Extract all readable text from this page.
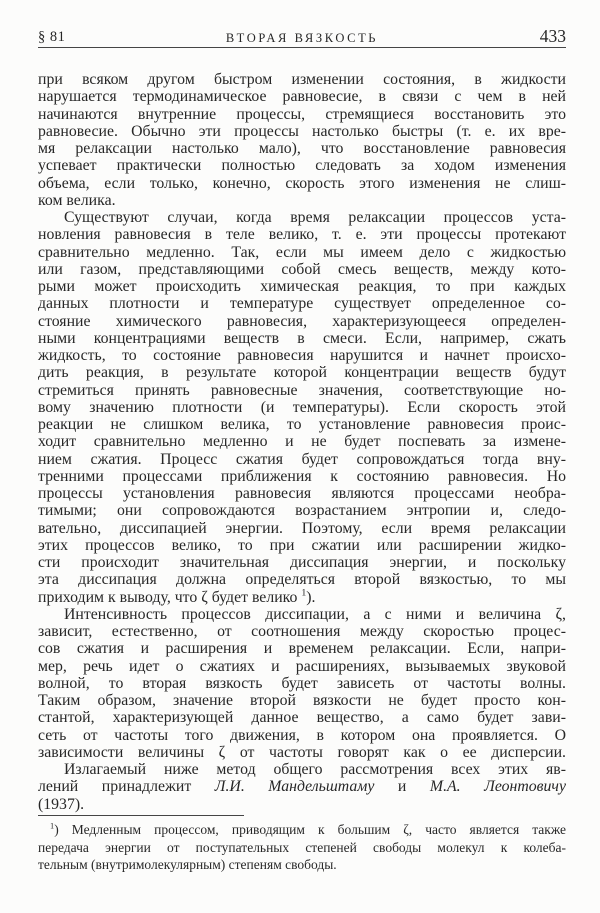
§ 81	ВТОРАЯ ВЯЗКОСТЬ	433
при всяком другом быстром изменении состояния, в жидкости
нарушается термодинамическое равновесие, в связи с чем в ней
начинаются внутренние процессы, стремящиеся восстановить это
равновесие. Обычно эти процессы настолько быстры (т. е. их вре-
мя релаксации настолько мало), что восстановление равновесия
успевает практически полностью следовать за ходом изменения
объема, если только, конечно, скорость этого изменения не слиш-
ком велика.
Существуют случаи, когда время релаксации процессов уста-
новления равновесия в теле велико, т. е. эти процессы протекают
сравнительно медленно. Так, если мы имеем дело с жидкостью
или газом, представляющими собой смесь веществ, между кото-
рыми может происходить химическая реакция, то при каждых
данных плотности и температуре существует определенное со-
стояние химического равновесия, характеризующееся определен-
ными концентрациями веществ в смеси. Если, например, сжать
жидкость, то состояние равновесия нарушится и начнет происхо-
дить реакция, в результате которой концентрации веществ будут
стремиться принять равновесные значения, соответствующие но-
вому значению плотности (и температуры). Если скорость этой
реакции не слишком велика, то установление равновесия проис-
ходит сравнительно медленно и не будет поспевать за измене-
нием сжатия. Процесс сжатия будет сопровождаться тогда вну-
тренними процессами приближения к состоянию равновесия. Но
процессы установления равновесия являются процессами необра-
тимыми; они сопровождаются возрастанием энтропии и, следо-
вательно, диссипацией энергии. Поэтому, если время релаксации
этих процессов велико, то при сжатии или расширении жидко-
сти происходит значительная диссипация энергии, и поскольку
эта диссипация должна определяться второй вязкостью, то мы
приходим к выводу, что ζ будет велико $^1$).
Интенсивность процессов диссипации, а с ними и величина ζ,
зависит, естественно, от соотношения между скоростью процес-
сов сжатия и расширения и временем релаксации. Если, напри-
мер, речь идет о сжатиях и расширениях, вызываемых звуковой
волной, то вторая вязкость будет зависеть от частоты волны.
Таким образом, значение второй вязкости не будет просто кон-
стантой, характеризующей данное вещество, а само будет зави-
сеть от частоты того движения, в котором она проявляется. О
зависимости величины ζ от частоты говорят как о ее дисперсии.
Излагаемый ниже метод общего рассмотрения всех этих яв-
лений принадлежит Л.И. Мандельштаму и М.А. Леонтовичу
(1937).
$^1$) Медленным процессом, приводящим к большим ζ, часто является также
передача энергии от поступательных степеней свободы молекул к колеба-
тельным (внутримолекулярным) степеням свободы.
